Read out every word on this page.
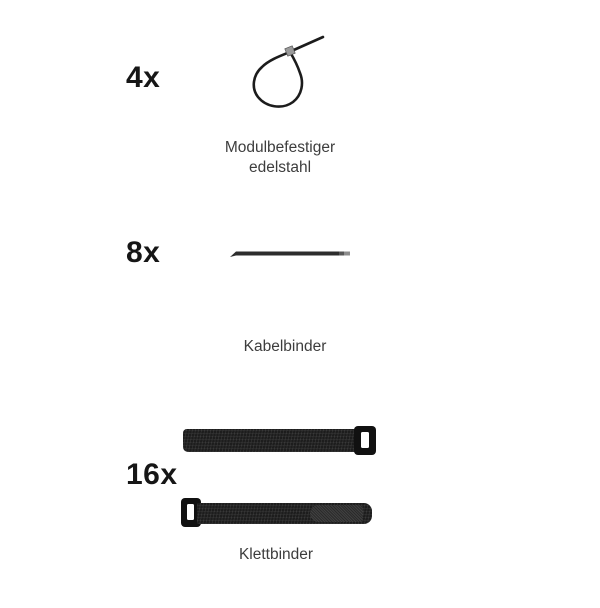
4x
Modulbefestiger
edelstahl
8x
Kabelbinder
16x
Klettbinder
